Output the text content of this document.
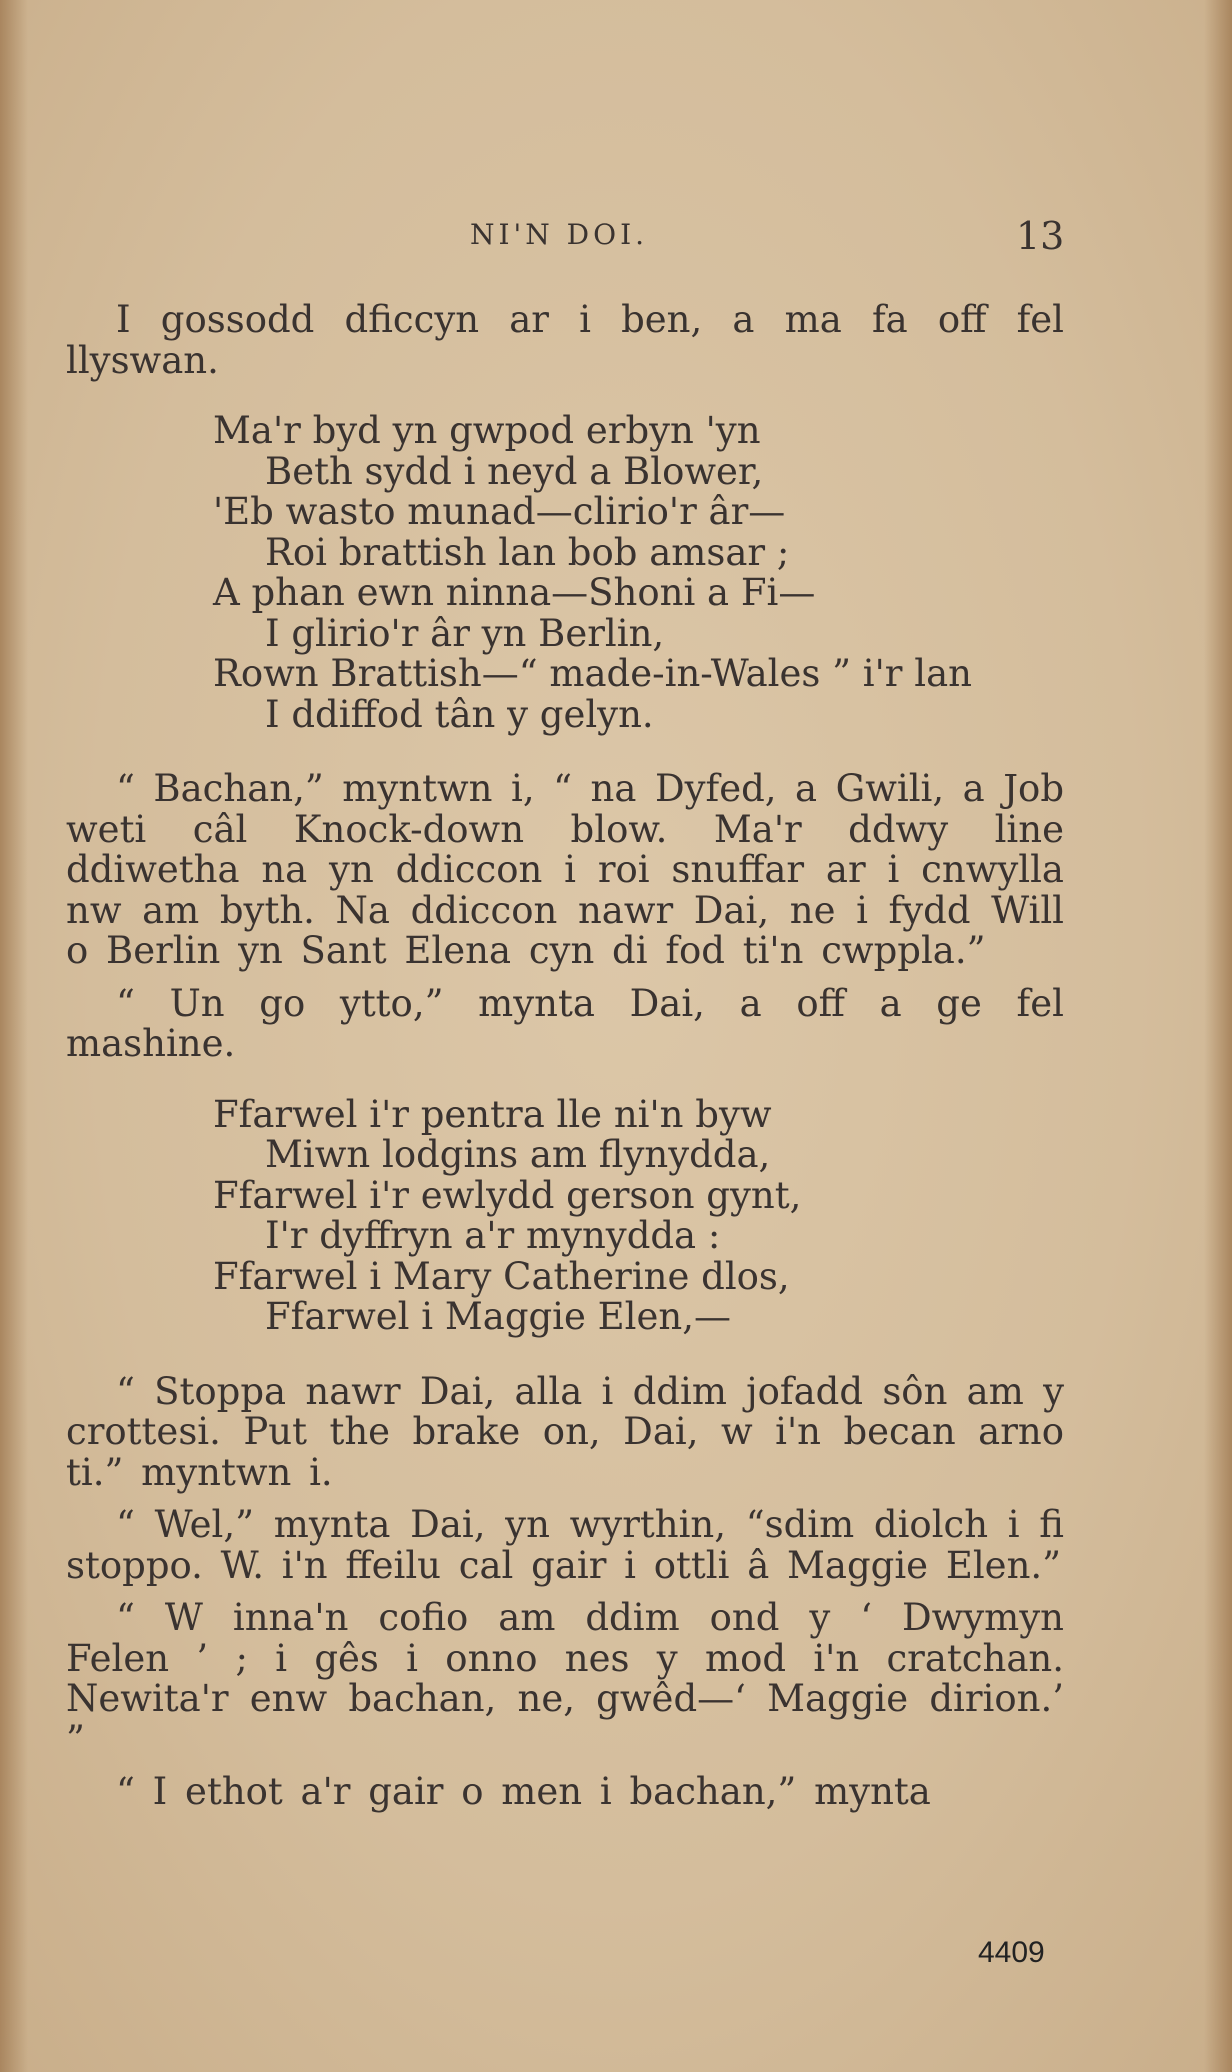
NI'N DOI.	13

I gossodd dficcyn ar i ben, a ma fa off fel llyswan.

Ma'r byd yn gwpod erbyn 'yn
Beth sydd i neyd a Blower,
'Eb wasto munad—clirio'r âr—
Roi brattish lan bob amsar ;
A phan ewn ninna—Shoni a Fi—
I glirio'r âr yn Berlin,
Rown Brattish—“ made-in-Wales ” i'r lan
I ddiffod tân y gelyn.

“ Bachan,” myntwn i, “ na Dyfed, a Gwili, a Job weti câl Knock-down blow. Ma'r ddwy line ddiwetha na yn ddiccon i roi snuffar ar i cnwylla nw am byth. Na ddiccon nawr Dai, ne i fydd Will o Berlin yn Sant Elena cyn di fod ti'n cwppla.”

“ Un go ytto,” mynta Dai, a off a ge fel mashine.

Ffarwel i'r pentra lle ni'n byw
Miwn lodgins am flynydda,
Ffarwel i'r ewlydd gerson gynt,
I'r dyffryn a'r mynydda :
Ffarwel i Mary Catherine dlos,
Ffarwel i Maggie Elen,—

“ Stoppa nawr Dai, alla i ddim jofadd sôn am y crottesi. Put the brake on, Dai, w i'n becan arno ti.” myntwn i.

“ Wel,” mynta Dai, yn wyrthin, “sdim diolch i fi stoppo. W. i'n ffeilu cal gair i ottli â Maggie Elen.”

“ W inna'n cofio am ddim ond y ‘ Dwymyn Felen ’ ; i gês i onno nes y mod i'n cratchan. Newita'r enw bachan, ne, gwêd—‘ Maggie dirion.’ ”

“ I ethot a'r gair o men i bachan,” mynta

4409
